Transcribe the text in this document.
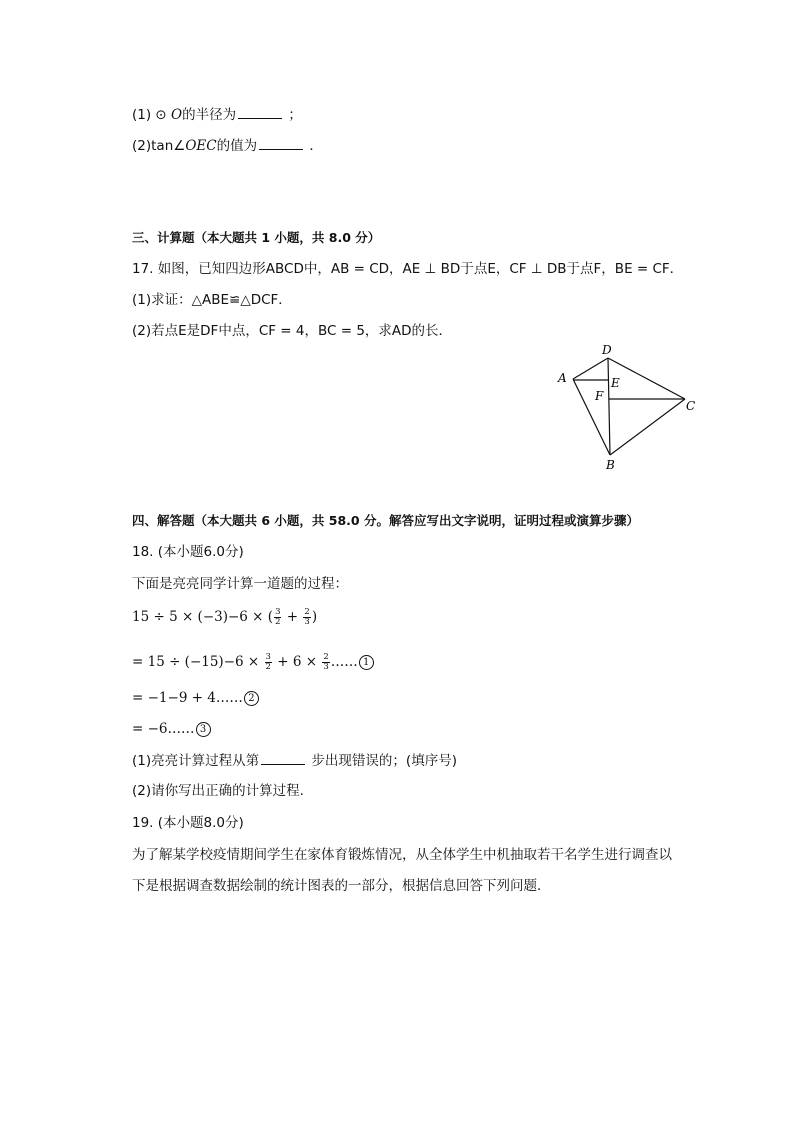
(1) ⊙ O的半径为	；
(2)tan∠OEC的值为	．
三、计算题（本大题共 1 小题，共 8.0 分）
17. 如图，已知四边形ABCD中，AB = CD，AE ⊥ BD于点E，CF ⊥ DB于点F，BE = CF．
(1)求证：△ABE≌△DCF．
(2)若点E是DF中点，CF = 4，BC = 5，求AD的长．
D
A	E
F
C
B
四、解答题（本大题共 6 小题，共 58.0 分。解答应写出文字说明，证明过程或演算步骤）
18. (本小题6.0分)
下面是亮亮同学计算一道题的过程：
15 ÷ 5 × (−3)−6 × ( $\frac{3}{2} + \frac{2}{3}$ )
= $15 \div (-15)-6 \times \frac{3}{2} + 6 \times \frac{2}{3}$ …… 1
= −1−9 + 4…… 2
= −6…… 3
(1)亮亮计算过程从第	步出现错误的；(填序号)
(2)请你写出正确的计算过程．
19. (本小题8.0分)
为了解某学校疫情期间学生在家体育锻炼情况，从全体学生中机抽取若干名学生进行调查以
下是根据调查数据绘制的统计图表的一部分，根据信息回答下列问题．
